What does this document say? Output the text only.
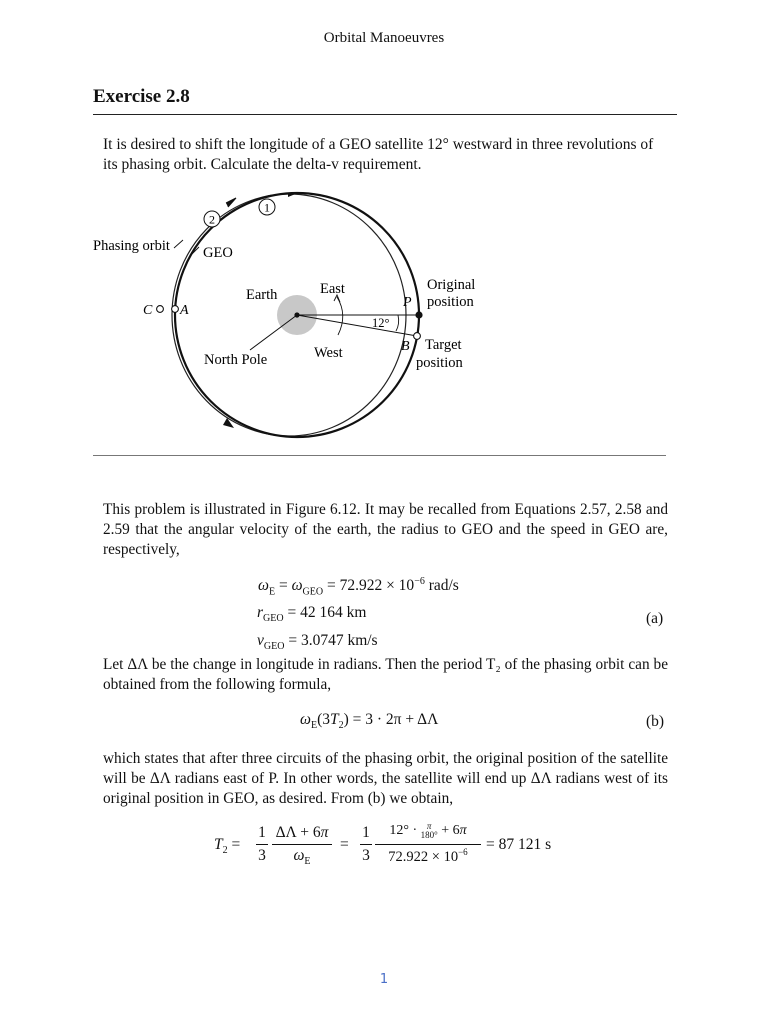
Orbital Manoeuvres
Exercise 2.8
It is desired to shift the longitude of a GEO satellite 12° westward in three revolutions of its phasing orbit. Calculate the delta-v requirement.
1
2
Phasing orbit GEO
Earth	East
West
North Pole
Original
position
Target
position
12°
P
B
A
C
This problem is illustrated in Figure 6.12. It may be recalled from Equations 2.57, 2.58 and 2.59 that the angular velocity of the earth, the radius to GEO and the speed in GEO are, respectively,
$\omega_E = \omega_{GEO} = 72.922 \times 10^{-6}$ rad/s
$r_{GEO} = 42$ 164 km	(a)
$v_{GEO} = 3.0747$ km/s
Let ΔΛ be the change in longitude in radians. Then the period T₂ of the phasing orbit can be obtained from the following formula,
$\omega_E(3T_2) = 3 \cdot 2\pi + \Delta\Lambda$	(b)
which states that after three circuits of the phasing orbit, the original position of the satellite will be ΔΛ radians east of P. In other words, the satellite will end up ΔΛ radians west of its original position in GEO, as desired. From (b) we obtain,
$T_2$ =
1
3
ΔΛ + 6π
$\omega_E$
=
1
3
12° · π
180° + 6π
$72.922 \times 10^{-6}$	= 87 121 s
1
